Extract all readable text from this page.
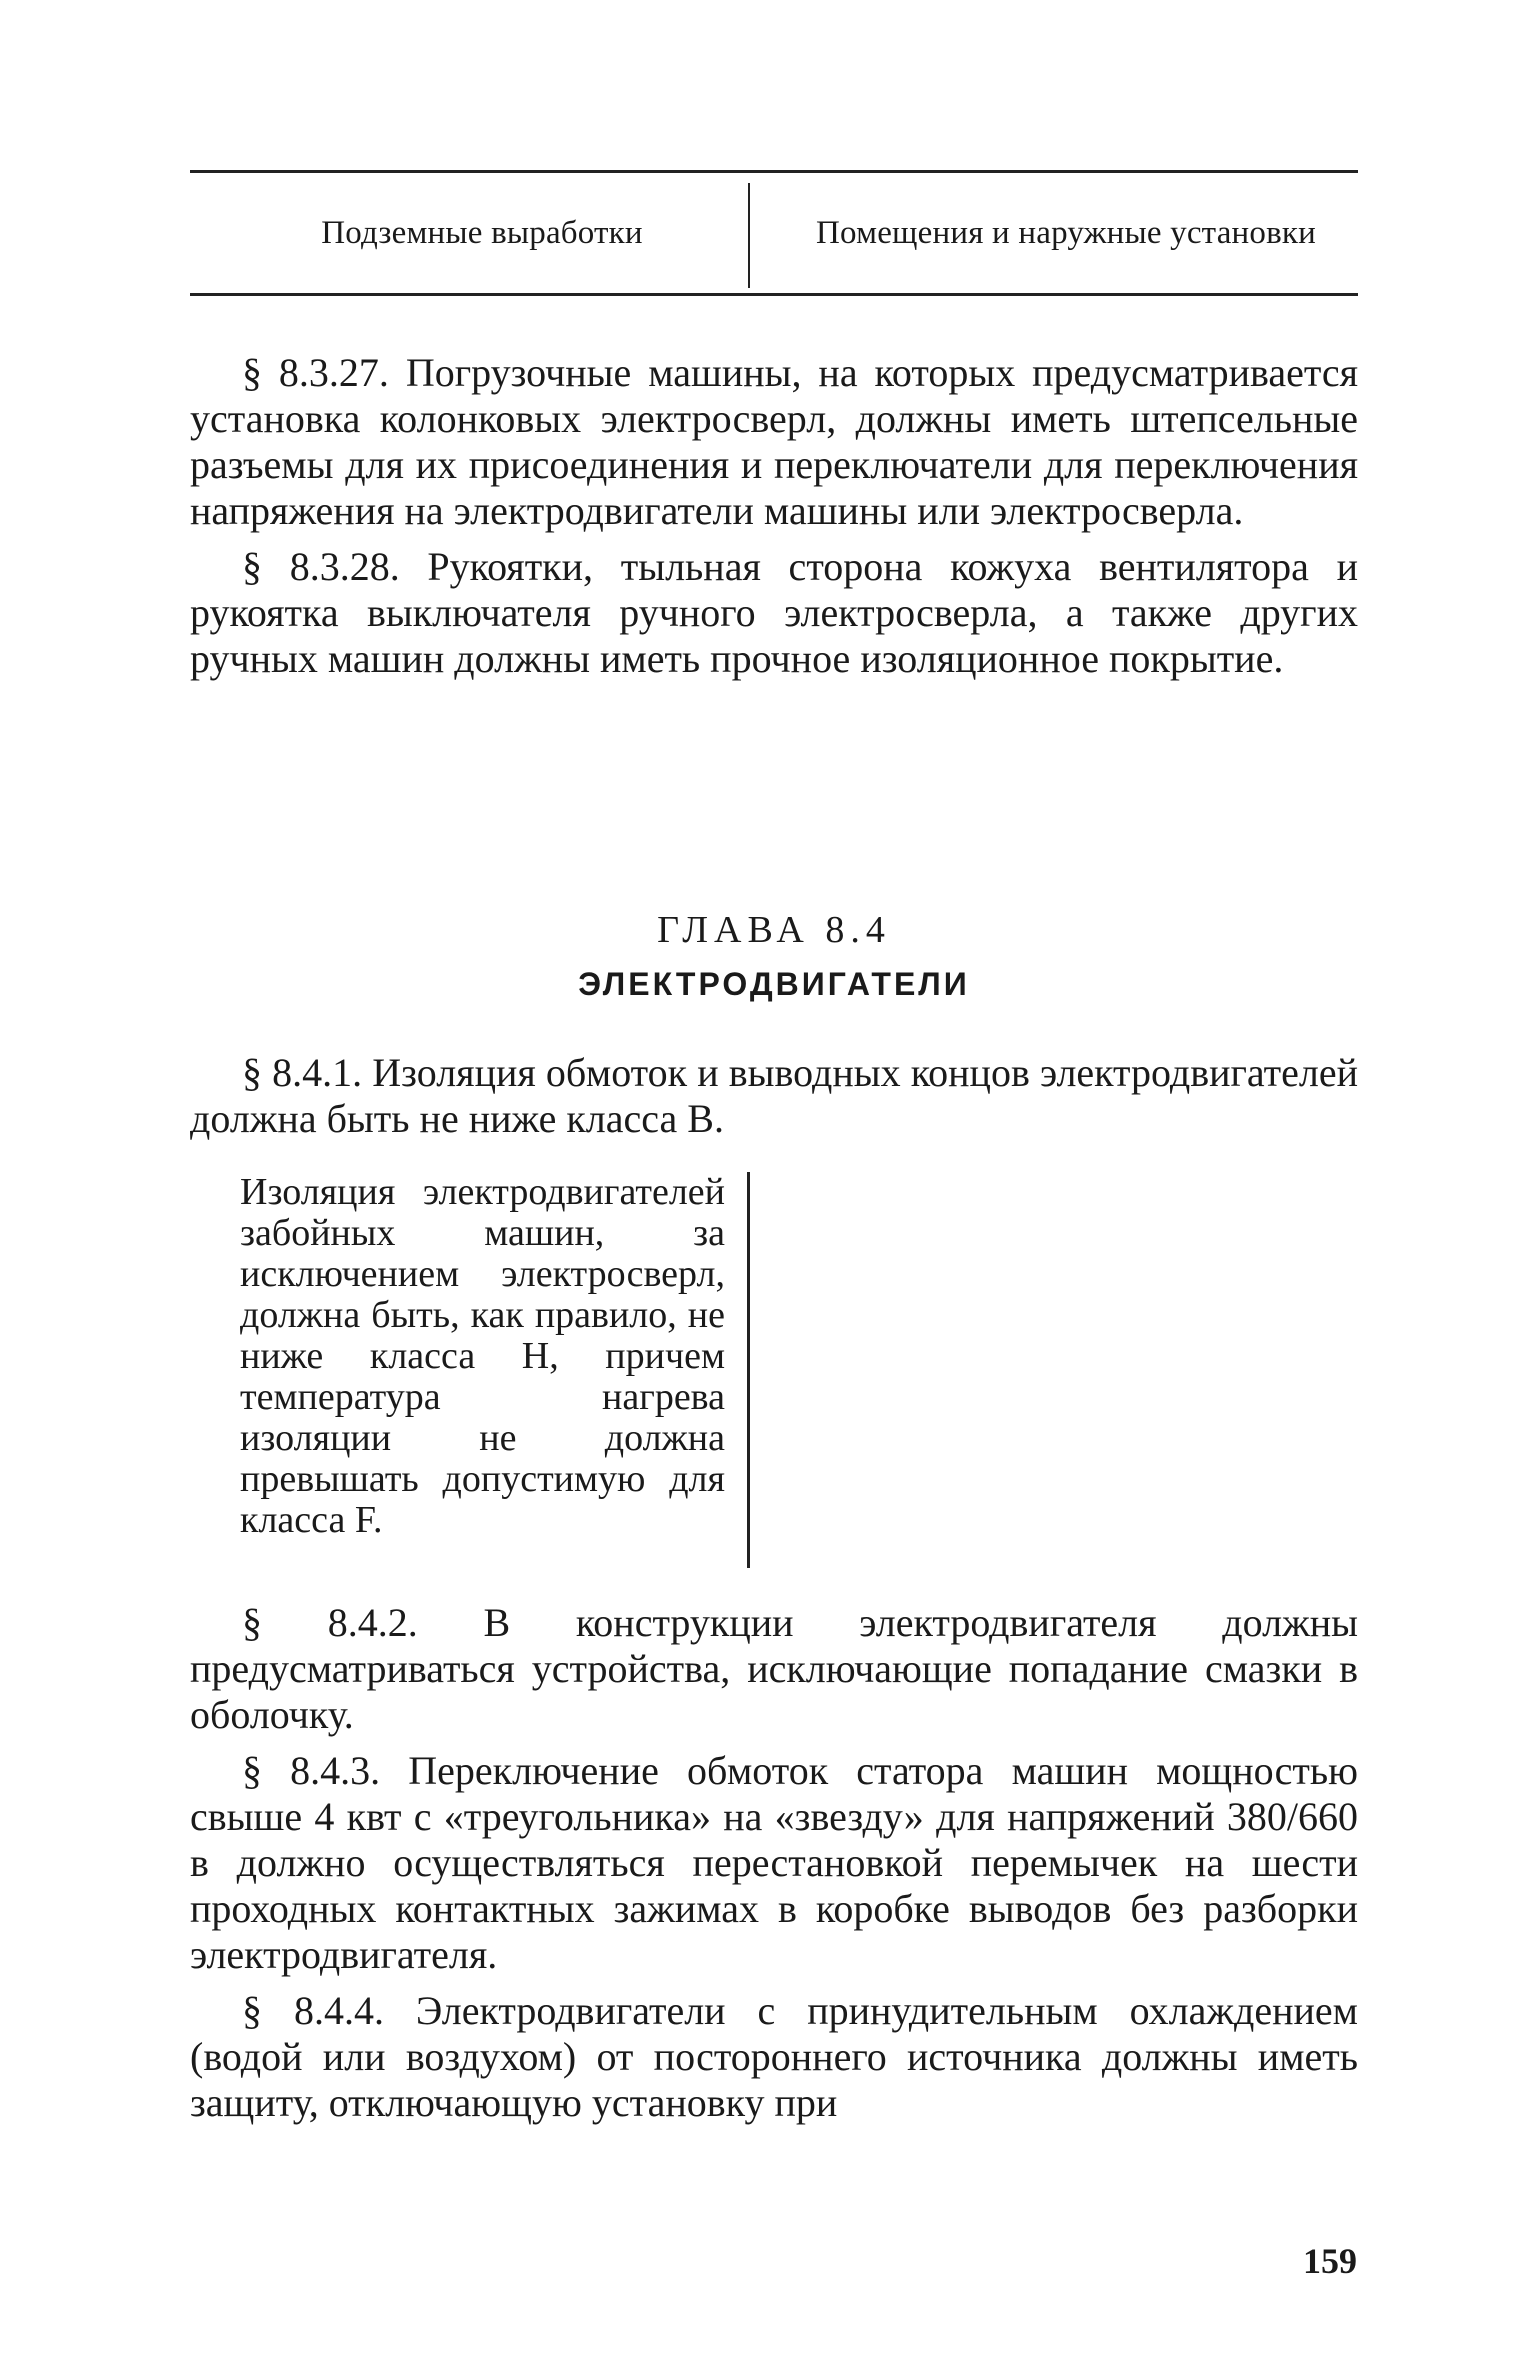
Подземные выработки	Помещения и наружные установки

§ 8.3.27. Погрузочные машины, на которых предусматривается установка колонковых электросверл, должны иметь штепсельные разъемы для их присоединения и переключатели для переключения напряжения на электродвигатели машины или электросверла.

§ 8.3.28. Рукоятки, тыльная сторона кожуха вентилятора и рукоятка выключателя ручного электросверла, а также других ручных машин должны иметь прочное изоляционное покрытие.

ГЛАВА 8.4
ЭЛЕКТРОДВИГАТЕЛИ

§ 8.4.1. Изоляция обмоток и выводных концов электродвигателей должна быть не ниже класса В.

Изоляция электродвигателей забойных машин, за исключением электросверл, должна быть, как правило, не ниже класса Н, причем температура нагрева изоляции не должна превышать допустимую для класса F.

§ 8.4.2. В конструкции электродвигателя должны предусматриваться устройства, исключающие попадание смазки в оболочку.

§ 8.4.3. Переключение обмоток статора машин мощностью свыше 4 квт с «треугольника» на «звезду» для напряжений 380/660 в должно осуществляться перестановкой перемычек на шести проходных контактных зажимах в коробке выводов без разборки электродвигателя.

§ 8.4.4. Электродвигатели с принудительным охлаждением (водой или воздухом) от постороннего источника должны иметь защиту, отключающую установку при

159
